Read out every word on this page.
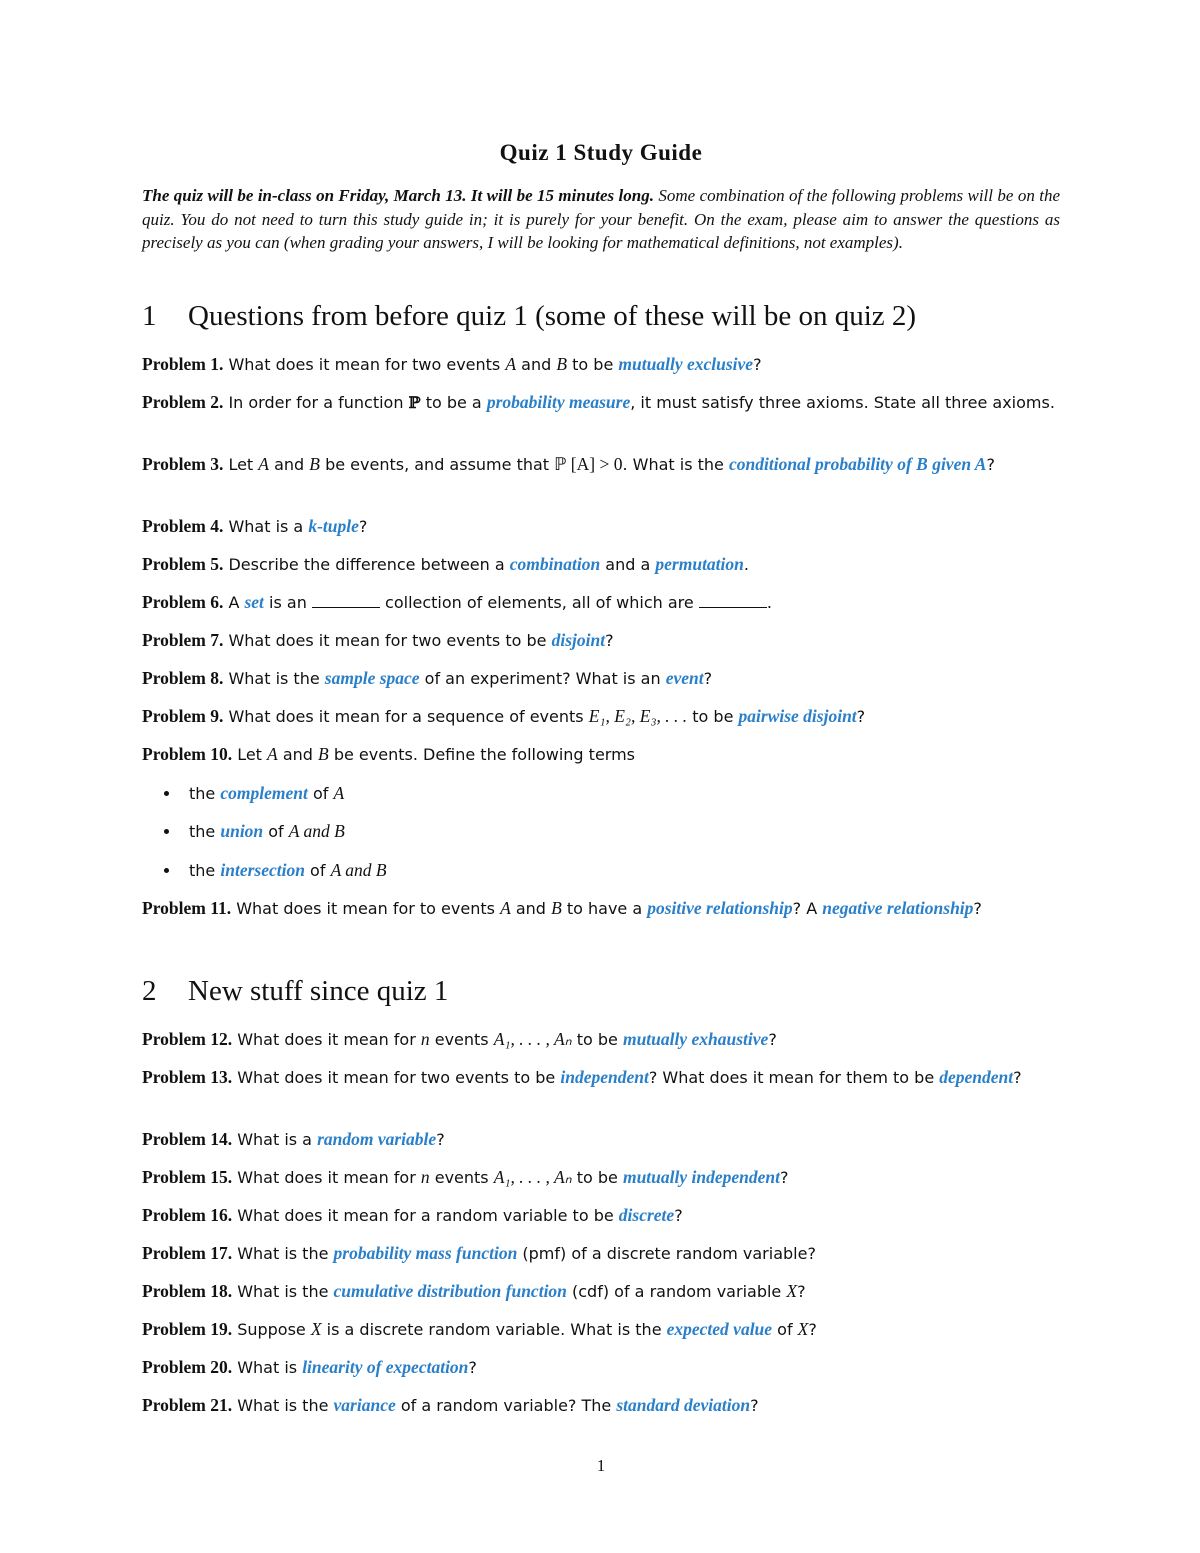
Quiz 1 Study Guide
The quiz will be in-class on Friday, March 13. It will be 15 minutes long. Some combination of the following problems will be on the quiz. You do not need to turn this study guide in; it is purely for your benefit. On the exam, please aim to answer the questions as precisely as you can (when grading your answers, I will be looking for mathematical definitions, not examples).
1 Questions from before quiz 1 (some of these will be on quiz 2)
Problem 1. What does it mean for two events A and B to be mutually exclusive?
Problem 2. In order for a function ℙ to be a probability measure, it must satisfy three axioms. State all three axioms.
Problem 3. Let A and B be events, and assume that ℙ [A] > 0. What is the conditional probability of B given A?
Problem 4. What is a k-tuple?
Problem 5. Describe the difference between a combination and a permutation.
Problem 6. A set is an	collection of elements, all of which are	.
Problem 7. What does it mean for two events to be disjoint?
Problem 8. What is the sample space of an experiment? What is an event?
Problem 9. What does it mean for a sequence of events E₁, E₂, E₃, . . . to be pairwise disjoint?
Problem 10. Let A and B be events. Define the following terms
the complement of A
the union of A and B
the intersection of A and B
Problem 11. What does it mean for to events A and B to have a positive relationship? A negative relationship?
2 New stuff since quiz 1
Problem 12. What does it mean for n events A₁, . . . , Aₙ to be mutually exhaustive?
Problem 13. What does it mean for two events to be independent? What does it mean for them to be dependent?
Problem 14. What is a random variable?
Problem 15. What does it mean for n events A₁, . . . , Aₙ to be mutually independent?
Problem 16. What does it mean for a random variable to be discrete?
Problem 17. What is the probability mass function (pmf) of a discrete random variable?
Problem 18. What is the cumulative distribution function (cdf) of a random variable X?
Problem 19. Suppose X is a discrete random variable. What is the expected value of X?
Problem 20. What is linearity of expectation?
Problem 21. What is the variance of a random variable? The standard deviation?
1
